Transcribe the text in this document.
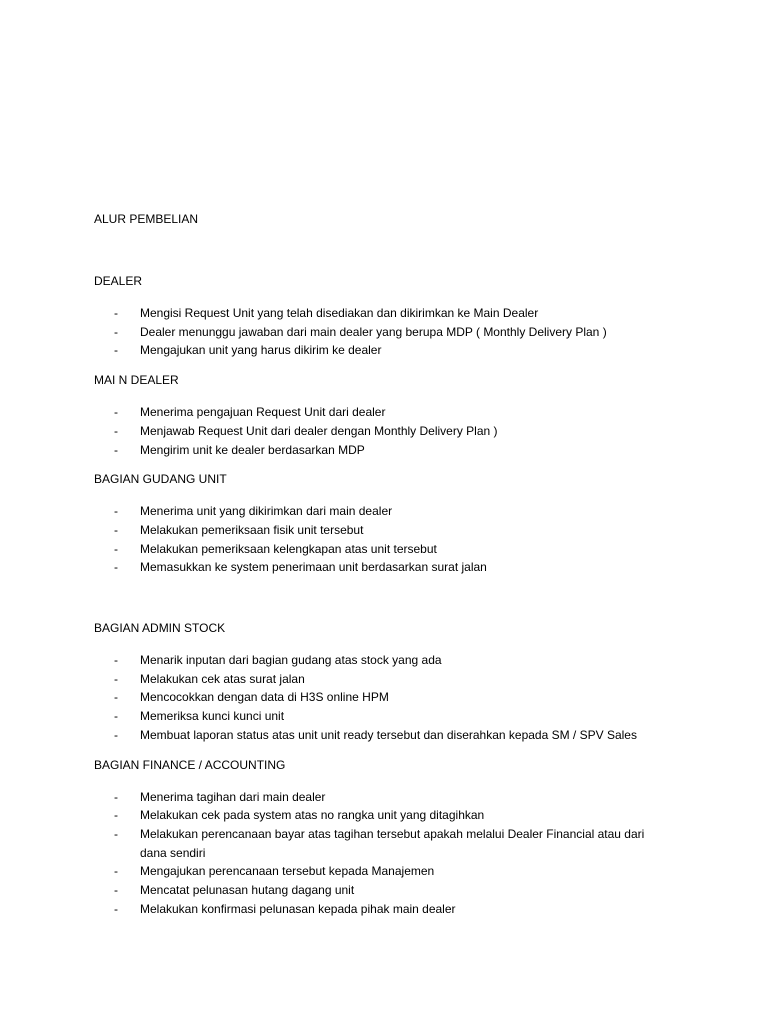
ALUR PEMBELIAN

DEALER

- Mengisi Request Unit yang telah disediakan dan dikirimkan ke Main Dealer
- Dealer menunggu jawaban dari main dealer yang berupa MDP ( Monthly Delivery Plan )
- Mengajukan unit yang harus dikirim ke dealer

MAI N DEALER

- Menerima pengajuan Request Unit dari dealer
- Menjawab Request Unit dari dealer dengan Monthly Delivery Plan )
- Mengirim unit ke dealer berdasarkan MDP

BAGIAN GUDANG UNIT

- Menerima unit yang dikirimkan dari main dealer
- Melakukan pemeriksaan fisik unit tersebut
- Melakukan pemeriksaan kelengkapan atas unit tersebut
- Memasukkan ke system penerimaan unit berdasarkan surat jalan

BAGIAN ADMIN STOCK

- Menarik inputan dari bagian gudang atas stock yang ada
- Melakukan cek atas surat jalan
- Mencocokkan dengan data di H3S online HPM
- Memeriksa kunci kunci unit
- Membuat laporan status atas unit unit ready tersebut dan diserahkan kepada SM / SPV Sales

BAGIAN FINANCE / ACCOUNTING

- Menerima tagihan dari main dealer
- Melakukan cek pada system atas no rangka unit yang ditagihkan
- Melakukan perencanaan bayar atas tagihan tersebut apakah melalui Dealer Financial atau dari dana sendiri
- Mengajukan perencanaan tersebut kepada Manajemen
- Mencatat pelunasan hutang dagang unit
- Melakukan konfirmasi pelunasan kepada pihak main dealer
